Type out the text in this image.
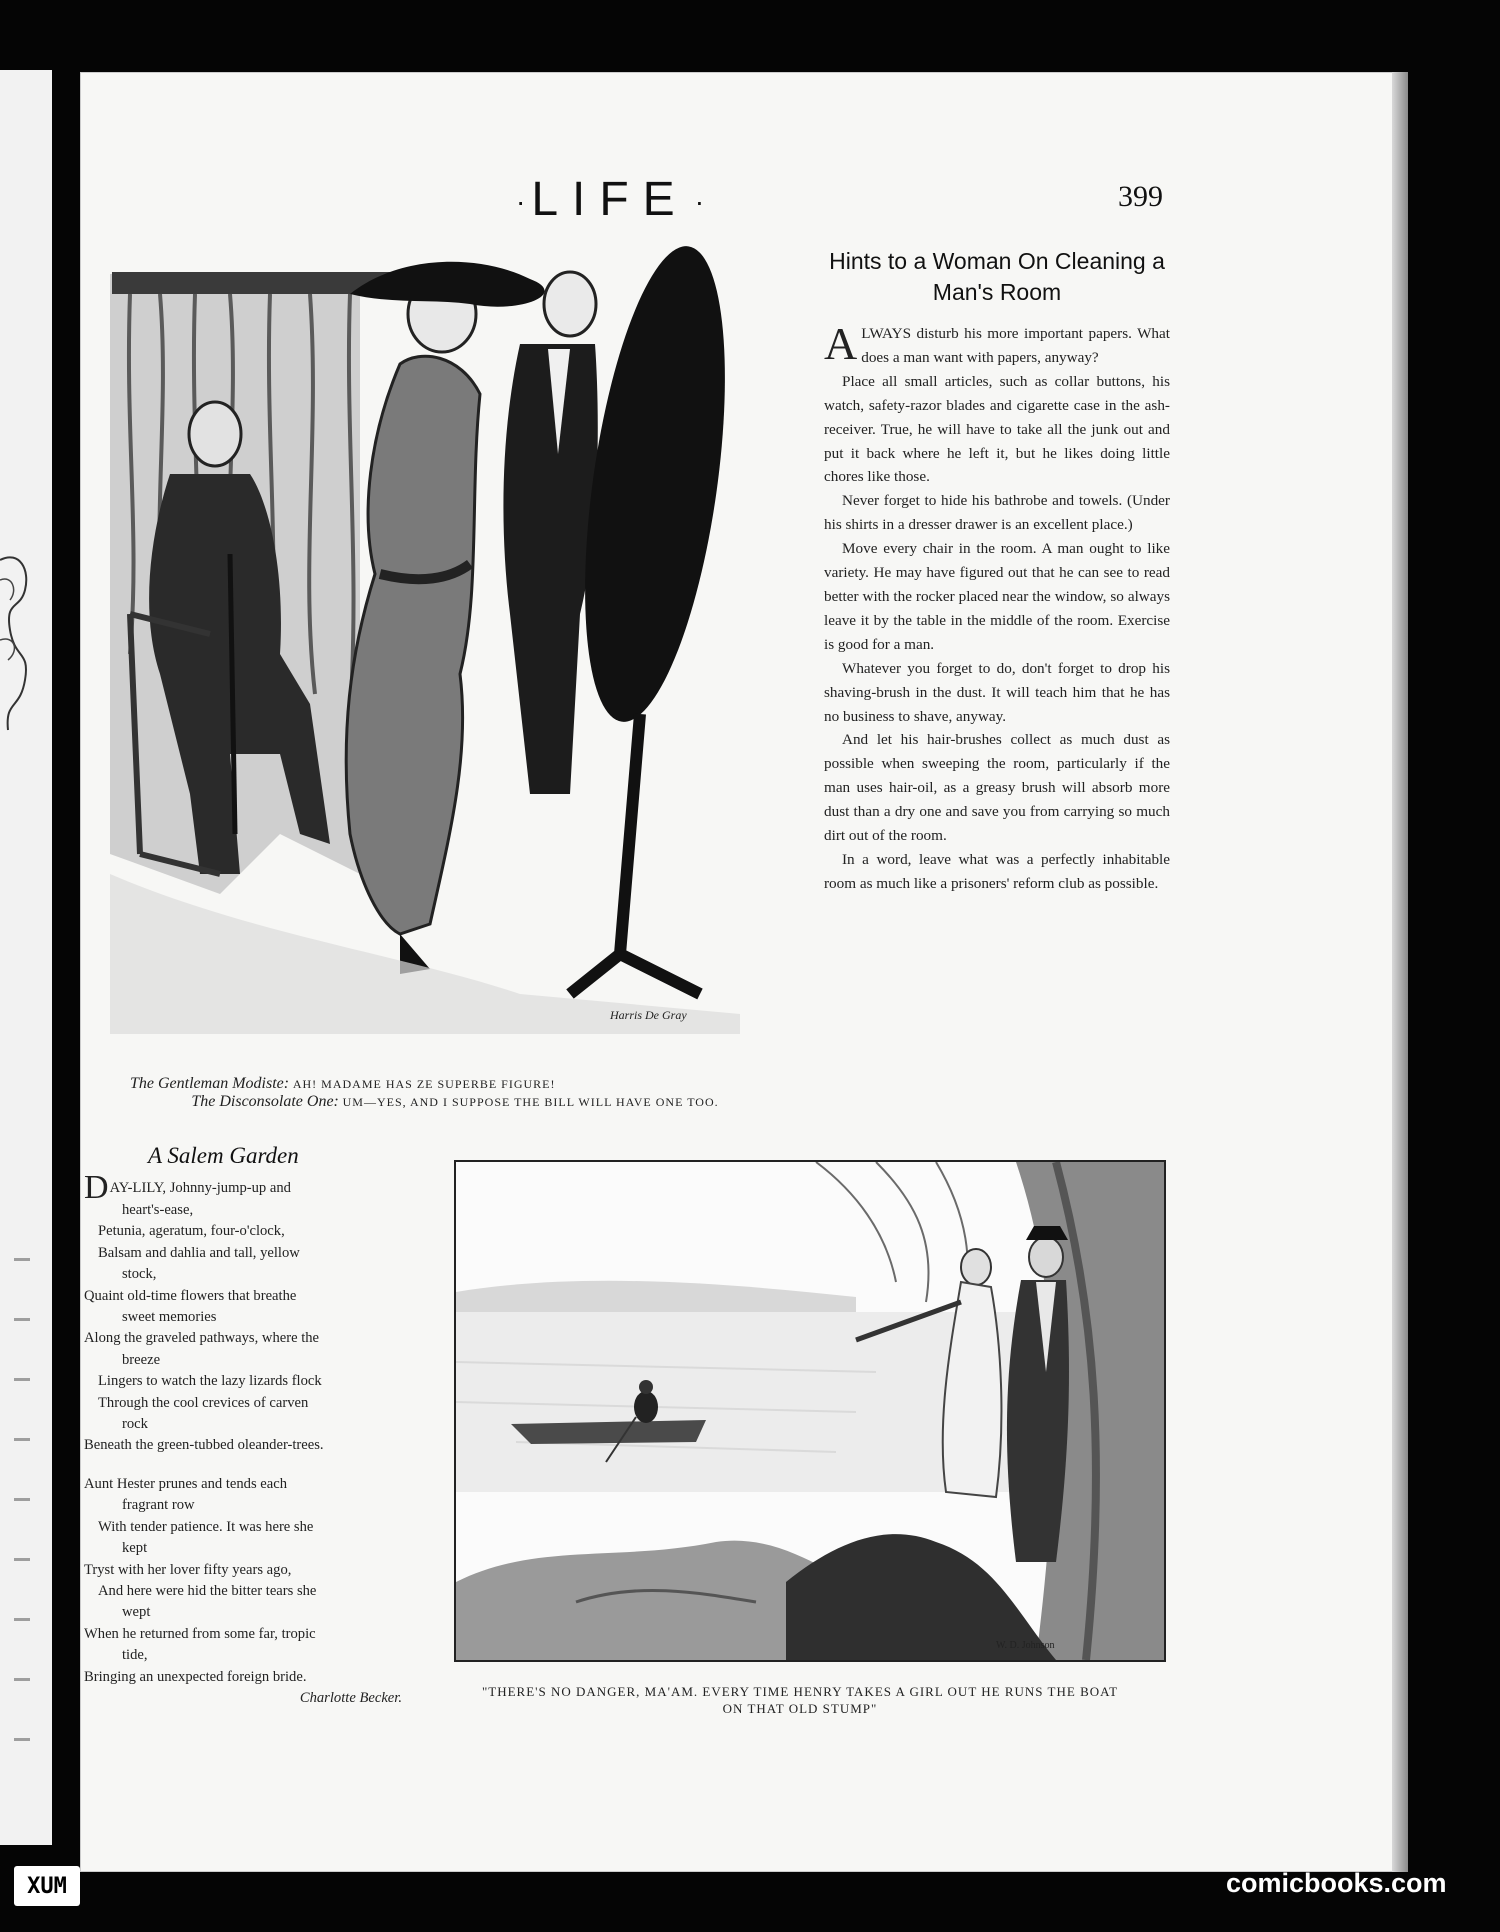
· LIFE ·	399
Harris De Gray
The Gentleman Modiste: AH! MADAME HAS ZE SUPERBE FIGURE!
The Disconsolate One: UM—YES, AND I SUPPOSE THE BILL WILL HAVE ONE TOO.
Hints to a Woman On Cleaning a Man's Room

ALWAYS disturb his more important papers. What does a man want with papers, anyway?

Place all small articles, such as collar buttons, his watch, safety-razor blades and cigarette case in the ash-receiver. True, he will have to take all the junk out and put it back where he left it, but he likes doing little chores like those.

Never forget to hide his bathrobe and towels. (Under his shirts in a dresser drawer is an excellent place.)

Move every chair in the room. A man ought to like variety. He may have figured out that he can see to read better with the rocker placed near the window, so always leave it by the table in the middle of the room. Exercise is good for a man.

Whatever you forget to do, don't forget to drop his shaving-brush in the dust. It will teach him that he has no business to shave, anyway.

And let his hair-brushes collect as much dust as possible when sweeping the room, particularly if the man uses hair-oil, as a greasy brush will absorb more dust than a dry one and save you from carrying so much dirt out of the room.

In a word, leave what was a perfectly inhabitable room as much like a prisoners' reform club as possible.

A Salem Garden
DAY-LILY, Johnny-jump-up and
heart's-ease,
Petunia, ageratum, four-o'clock,
Balsam and dahlia and tall, yellow
stock,
Quaint old-time flowers that breathe
sweet memories
Along the graveled pathways, where the
breeze
Lingers to watch the lazy lizards flock
Through the cool crevices of carven
rock
Beneath the green-tubbed oleander-trees.
Aunt Hester prunes and tends each
fragrant row
With tender patience. It was here she
kept
Tryst with her lover fifty years ago,
And here were hid the bitter tears she
wept
When he returned from some far, tropic
tide,
Bringing an unexpected foreign bride.
Charlotte Becker.
W. D. Johnson
"THERE'S NO DANGER, MA'AM. EVERY TIME HENRY TAKES A GIRL OUT HE RUNS THE BOAT ON THAT OLD STUMP"
XUM	comicbooks.com
